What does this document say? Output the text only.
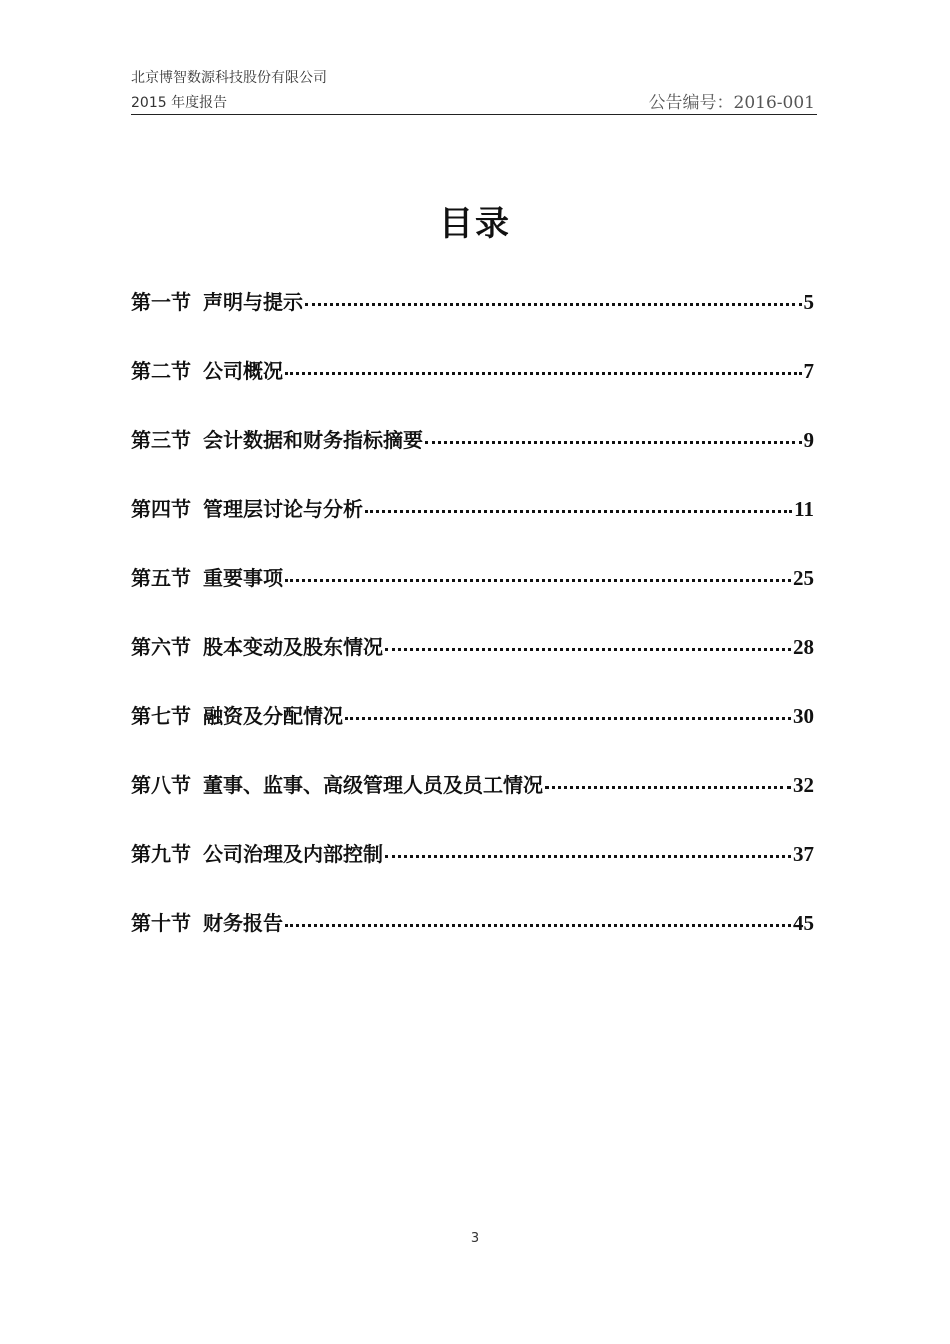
北京博智数源科技股份有限公司
2015 年度报告	公告编号：2016-001
目录
第一节 声明与提示	5
第二节 公司概况	7
第三节 会计数据和财务指标摘要	9
第四节 管理层讨论与分析	11
第五节 重要事项	25
第六节 股本变动及股东情况	28
第七节 融资及分配情况	30
第八节 董事、监事、高级管理人员及员工情况	32
第九节 公司治理及内部控制	37
第十节 财务报告	45
3
